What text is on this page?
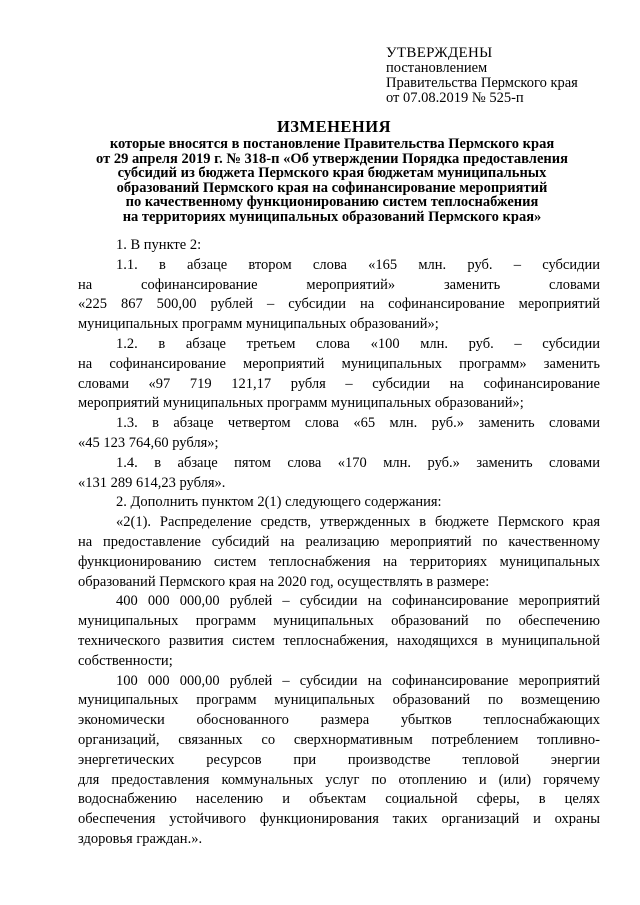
УТВЕРЖДЕНЫ
постановлением
Правительства Пермского края
от 07.08.2019 № 525-п
ИЗМЕНЕНИЯ
которые вносятся в постановление Правительства Пермского края
от 29 апреля 2019 г. № 318-п «Об утверждении Порядка предоставления
субсидий из бюджета Пермского края бюджетам муниципальных
образований Пермского края на софинансирование мероприятий
по качественному функционированию систем теплоснабжения
на территориях муниципальных образований Пермского края»
1. В пункте 2:
1.1. в абзаце втором слова «165 млн. руб. – субсидии
на софинансирование мероприятий» заменить словами
«225 867 500,00 рублей – субсидии на софинансирование мероприятий
муниципальных программ муниципальных образований»;
1.2. в абзаце третьем слова «100 млн. руб. – субсидии
на софинансирование мероприятий муниципальных программ» заменить
словами «97 719 121,17 рубля – субсидии на софинансирование
мероприятий муниципальных программ муниципальных образований»;
1.3. в абзаце четвертом слова «65 млн. руб.» заменить словами
«45 123 764,60 рубля»;
1.4. в абзаце пятом слова «170 млн. руб.» заменить словами
«131 289 614,23 рубля».
2. Дополнить пунктом 2(1) следующего содержания:
«2(1). Распределение средств, утвержденных в бюджете Пермского края
на предоставление субсидий на реализацию мероприятий по качественному
функционированию систем теплоснабжения на территориях муниципальных
образований Пермского края на 2020 год, осуществлять в размере:
400 000 000,00 рублей – субсидии на софинансирование мероприятий
муниципальных программ муниципальных образований по обеспечению
технического развития систем теплоснабжения, находящихся в муниципальной
собственности;
100 000 000,00 рублей – субсидии на софинансирование мероприятий
муниципальных программ муниципальных образований по возмещению
экономически обоснованного размера убытков теплоснабжающих
организаций, связанных со сверхнормативным потреблением топливно-
энергетических ресурсов при производстве тепловой энергии
для предоставления коммунальных услуг по отоплению и (или) горячему
водоснабжению населению и объектам социальной сферы, в целях
обеспечения устойчивого функционирования таких организаций и охраны
здоровья граждан.».
